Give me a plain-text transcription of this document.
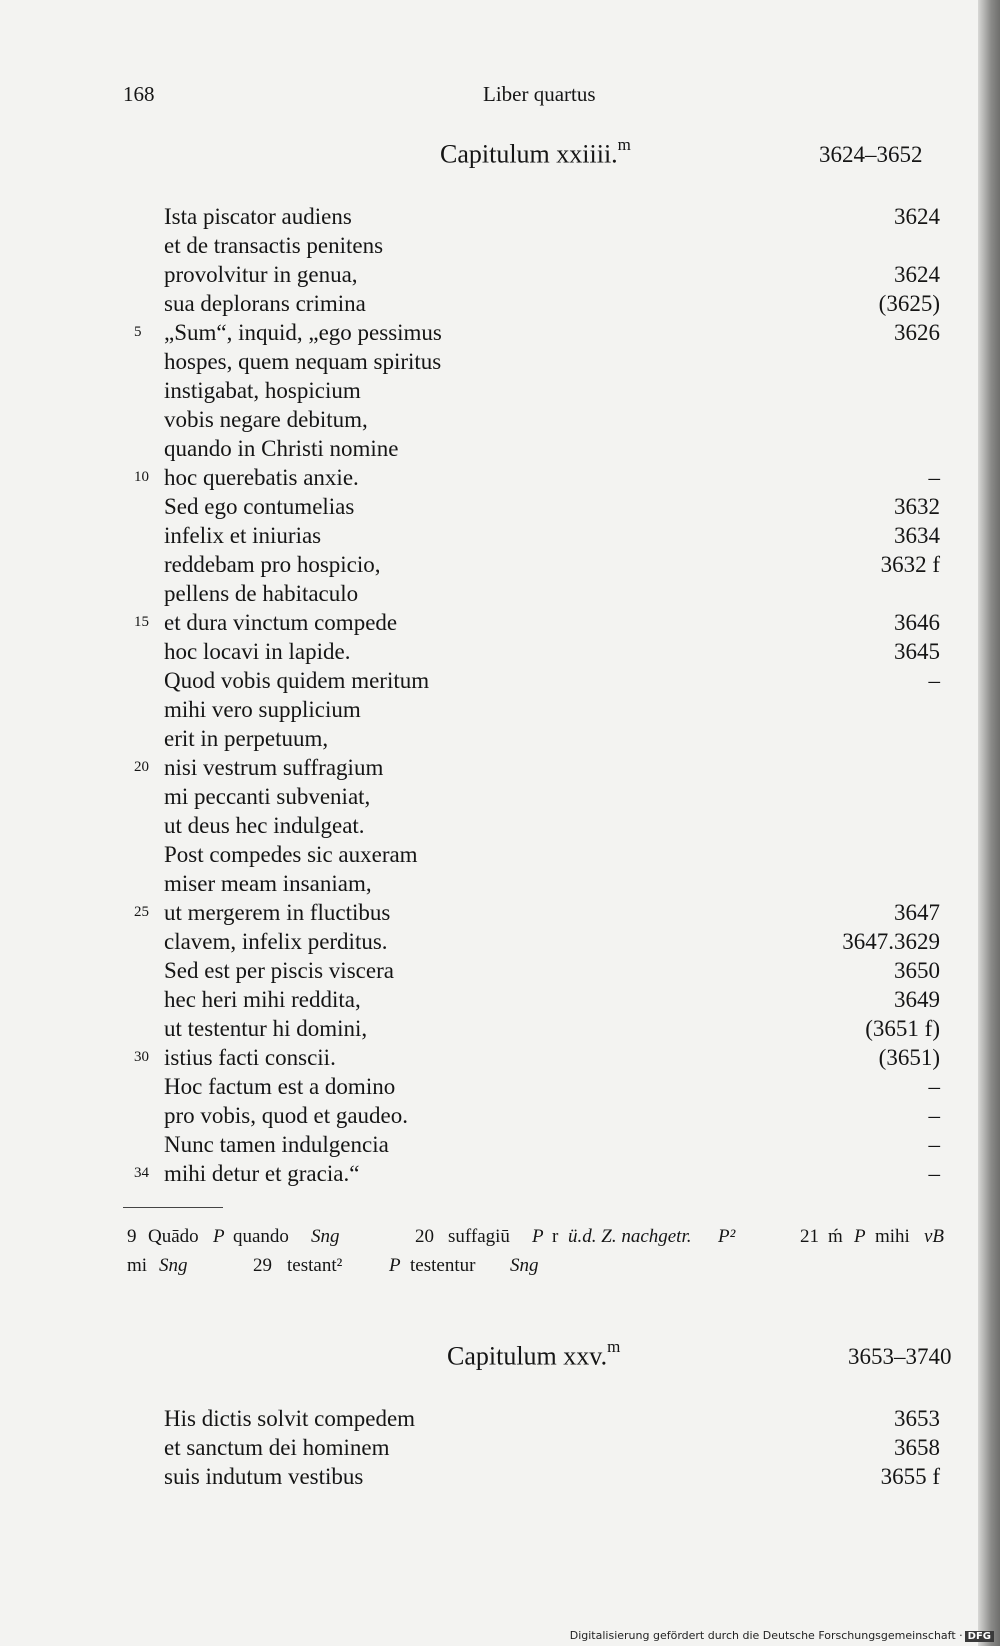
168	Liber quartus
Capitulum xxiiii.$^m$	3624–3652
Ista piscator audiens	3624
et de transactis penitens
provolvitur in genua,	3624
sua deplorans crimina	(3625)
5 „Sum“, inquid, „ego pessimus	3626
hospes, quem nequam spiritus
instigabat, hospicium
vobis negare debitum,
quando in Christi nomine
10 hoc querebatis anxie.	–
Sed ego contumelias	3632
infelix et iniurias	3634
reddebam pro hospicio,	3632 f
pellens de habitaculo
15 et dura vinctum compede	3646
hoc locavi in lapide.	3645
Quod vobis quidem meritum	–
mihi vero supplicium
erit in perpetuum,
20 nisi vestrum suffragium
mi peccanti subveniat,
ut deus hec indulgeat.
Post compedes sic auxeram
miser meam insaniam,
25 ut mergerem in fluctibus	3647
clavem, infelix perditus.	3647.3629
Sed est per piscis viscera	3650
hec heri mihi reddita,	3649
ut testentur hi domini,	(3651 f)
30 istius facti conscii.	(3651)
Hoc factum est a domino	–
pro vobis, quod et gaudeo.	–
Nunc tamen indulgencia	–
34 mihi detur et gracia.“	–
9 Quādo P quando Sng	20 suffagiū P r ü.d. Z. nachgetr. P²	21 ḿ P mihi vB
mi Sng	29 testant² P testentur Sng
Capitulum xxv.$^m$	3653–3740
His dictis solvit compedem	3653
et sanctum dei hominem	3658
suis indutum vestibus	3655 f
Digitalisierung gefördert durch die Deutsche Forschungsgemeinschaft · DFG
